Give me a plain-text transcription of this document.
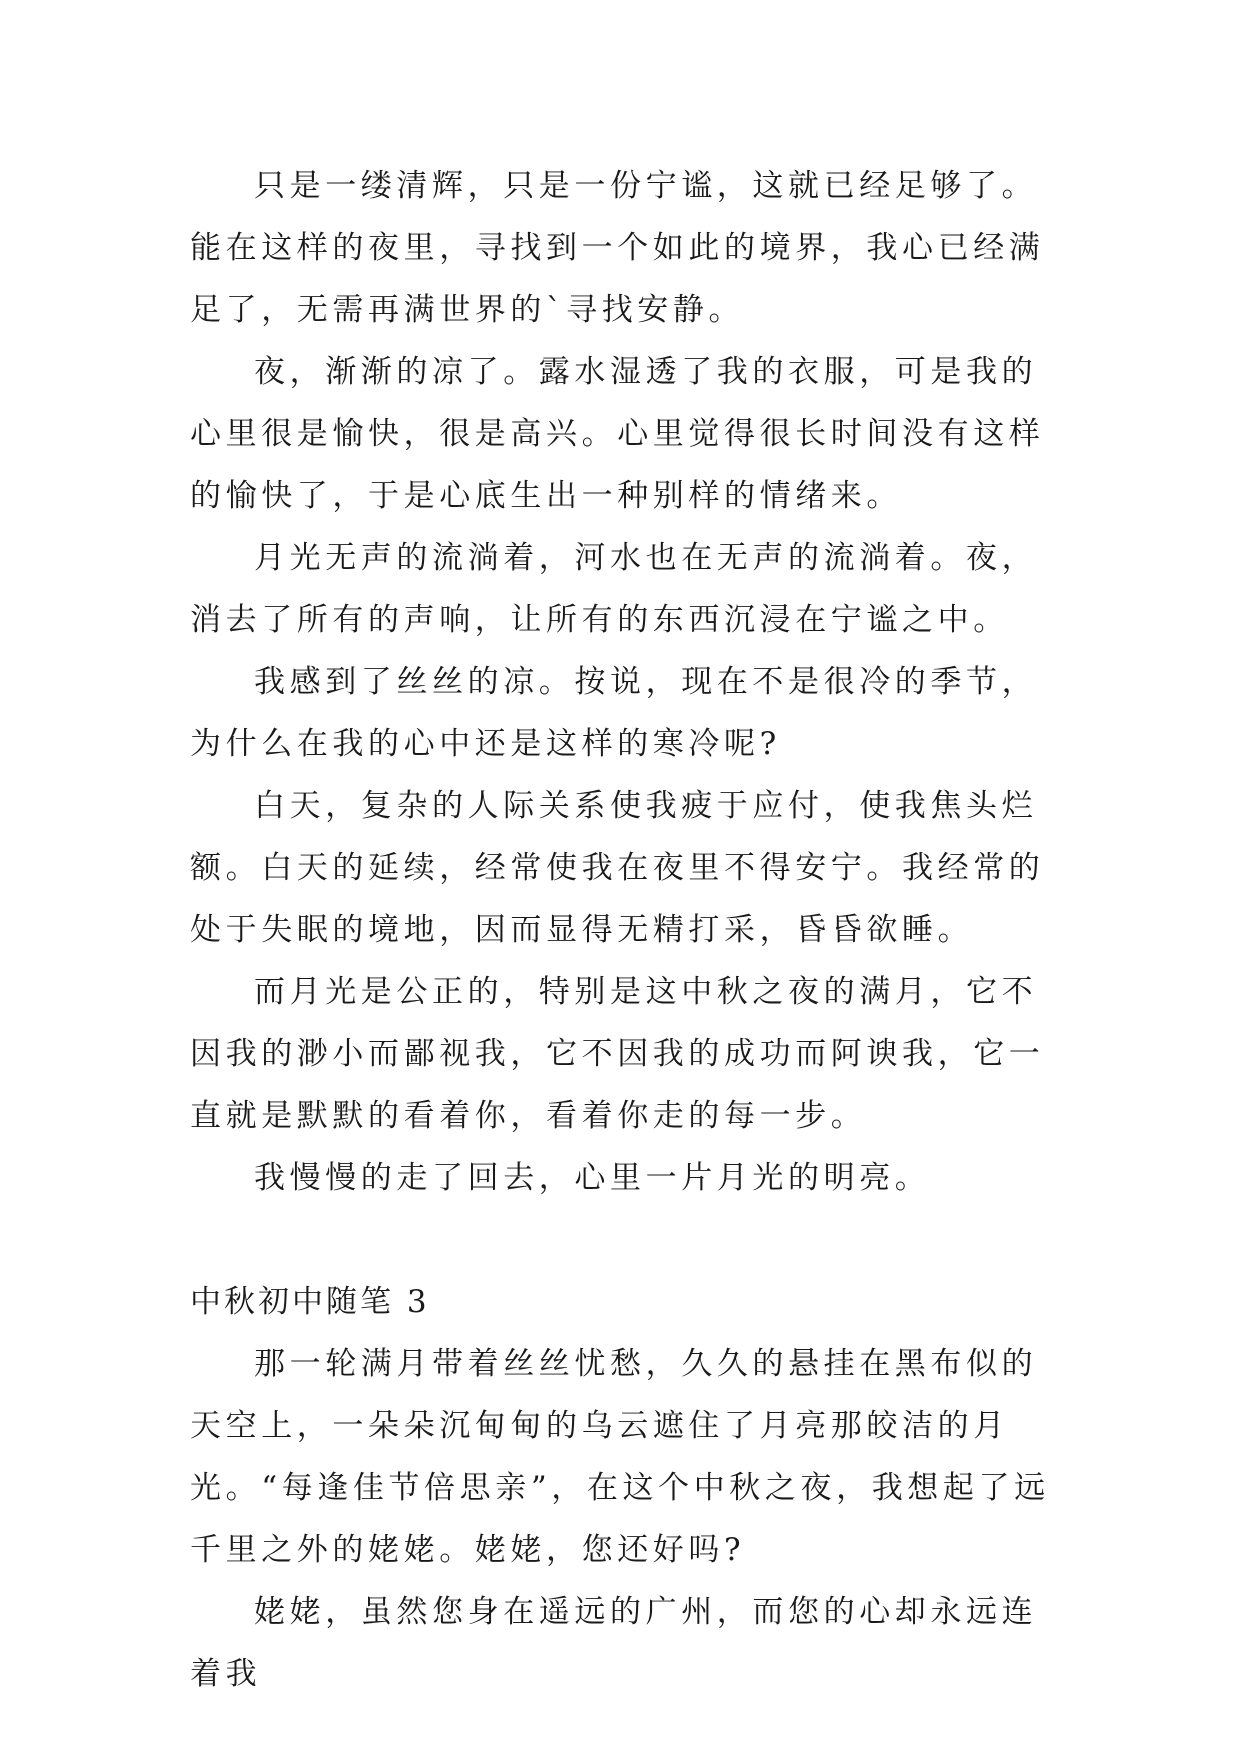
只是一缕清辉，只是一份宁谧，这就已经足够了。能在这样的夜里，寻找到一个如此的境界，我心已经满足了，无需再满世界的`寻找安静。

夜，渐渐的凉了。露水湿透了我的衣服，可是我的心里很是愉快，很是高兴。心里觉得很长时间没有这样的愉快了，于是心底生出一种别样的情绪来。

月光无声的流淌着，河水也在无声的流淌着。夜，消去了所有的声响，让所有的东西沉浸在宁谧之中。

我感到了丝丝的凉。按说，现在不是很冷的季节，为什么在我的心中还是这样的寒冷呢?

白天，复杂的人际关系使我疲于应付，使我焦头烂额。白天的延续，经常使我在夜里不得安宁。我经常的处于失眠的境地，因而显得无精打采，昏昏欲睡。

而月光是公正的，特别是这中秋之夜的满月，它不因我的渺小而鄙视我，它不因我的成功而阿谀我，它一直就是默默的看着你，看着你走的每一步。

我慢慢的走了回去，心里一片月光的明亮。

中秋初中随笔 3

那一轮满月带着丝丝忧愁，久久的悬挂在黑布似的天空上，一朵朵沉甸甸的乌云遮住了月亮那皎洁的月光。“每逢佳节倍思亲”，在这个中秋之夜，我想起了远千里之外的姥姥。姥姥，您还好吗?

姥姥，虽然您身在遥远的广州，而您的心却永远连着我
